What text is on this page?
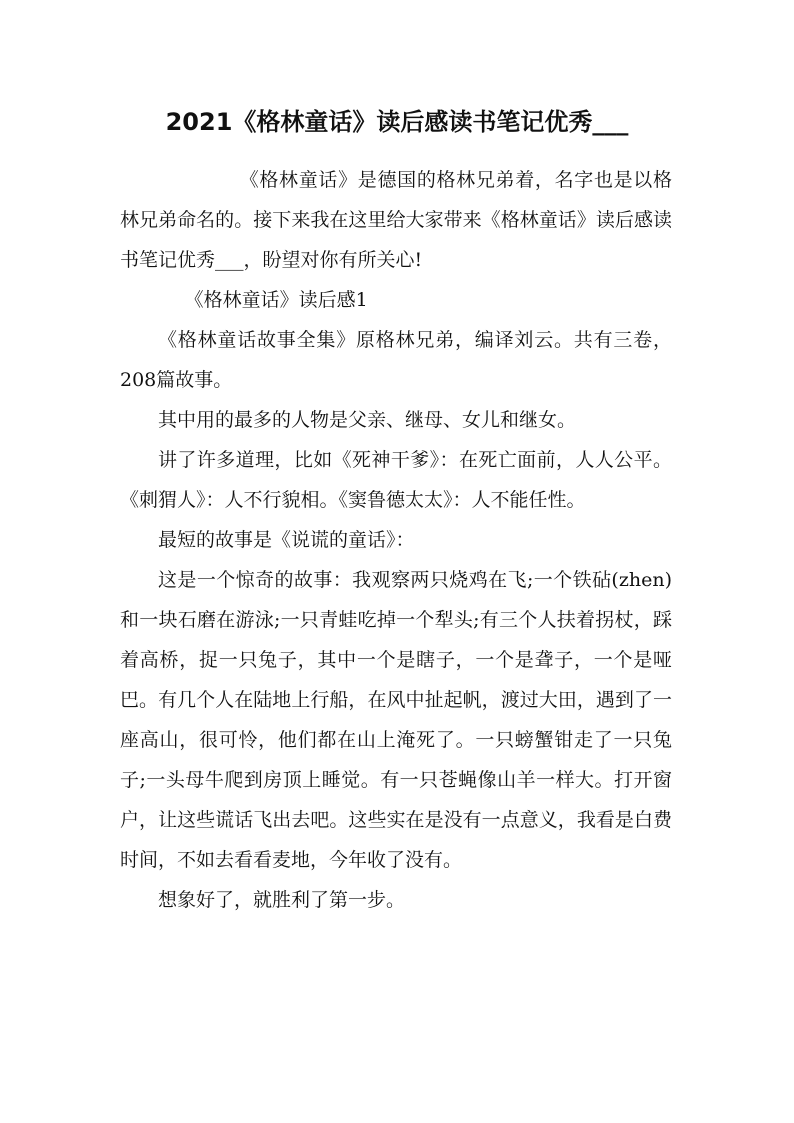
2021《格林童话》读后感读书笔记优秀___

《格林童话》是德国的格林兄弟着，名字也是以格林兄弟命名的。接下来我在这里给大家带来《格林童话》读后感读书笔记优秀___，盼望对你有所关心!

《格林童话》读后感1

《格林童话故事全集》原格林兄弟，编译刘云。共有三卷，208篇故事。

其中用的最多的人物是父亲、继母、女儿和继女。

讲了许多道理，比如《死神干爹》：在死亡面前，人人公平。《刺猬人》：人不行貌相。《窦鲁德太太》：人不能任性。

最短的故事是《说谎的童话》：

这是一个惊奇的故事：我观察两只烧鸡在飞;一个铁砧(zhen)和一块石磨在游泳;一只青蛙吃掉一个犁头;有三个人扶着拐杖，踩着高桥，捉一只兔子，其中一个是瞎子，一个是聋子，一个是哑巴。有几个人在陆地上行船，在风中扯起帆，渡过大田，遇到了一座高山，很可怜，他们都在山上淹死了。一只螃蟹钳走了一只兔子;一头母牛爬到房顶上睡觉。有一只苍蝇像山羊一样大。打开窗户，让这些谎话飞出去吧。这些实在是没有一点意义，我看是白费时间，不如去看看麦地，今年收了没有。

想象好了，就胜利了第一步。
